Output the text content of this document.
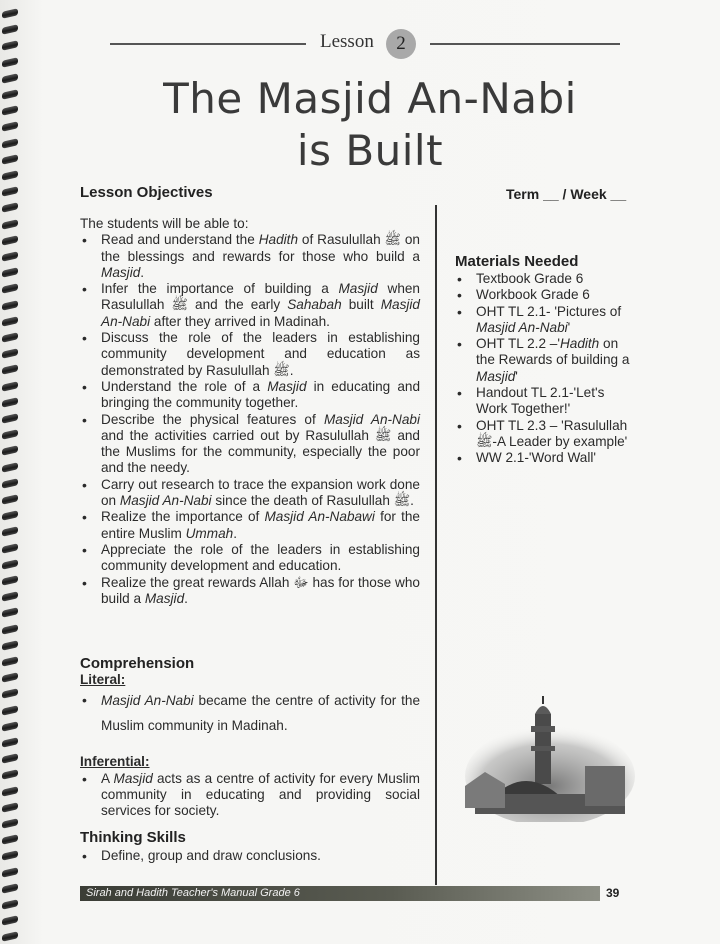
Lesson	2
The Masjid An-Nabi
is Built
Lesson Objectives	Term __ / Week __
The students will be able to:
• Read and understand the Hadith of Rasulullah ﷺ on the blessings and rewards for those who build a Masjid.
• Infer the importance of building a Masjid when Rasulullah ﷺ and the early Sahabah built Masjid An-Nabi after they arrived in Madinah.
• Discuss the role of the leaders in establishing community development and education as demonstrated by Rasulullah ﷺ.
• Understand the role of a Masjid in educating and bringing the community together.
• Describe the physical features of Masjid An-Nabi and the activities carried out by Rasulullah ﷺ and the Muslims for the community, especially the poor and the needy.
• Carry out research to trace the expansion work done on Masjid An-Nabi since the death of Rasulullah ﷺ.
• Realize the importance of Masjid An-Nabawi for the entire Muslim Ummah.
• Appreciate the role of the leaders in establishing community development and education.
• Realize the great rewards Allah ﷻ has for those who build a Masjid.
Comprehension
Literal:
• Masjid An-Nabi became the centre of activity for the Muslim community in Madinah.
Inferential:
• A Masjid acts as a centre of activity for every Muslim community in educating and providing social services for society.
Thinking Skills
• Define, group and draw conclusions.
Materials Needed
• Textbook Grade 6
• Workbook Grade 6
• OHT TL 2.1- 'Pictures of Masjid An-Nabi'
• OHT TL 2.2 –'Hadith on the Rewards of building a Masjid'
• Handout TL 2.1-'Let's Work Together!'
• OHT TL 2.3 – 'Rasulullah ﷺ-A Leader by example'
• WW 2.1-'Word Wall'
Sirah and Hadith Teacher's Manual Grade 6	39
